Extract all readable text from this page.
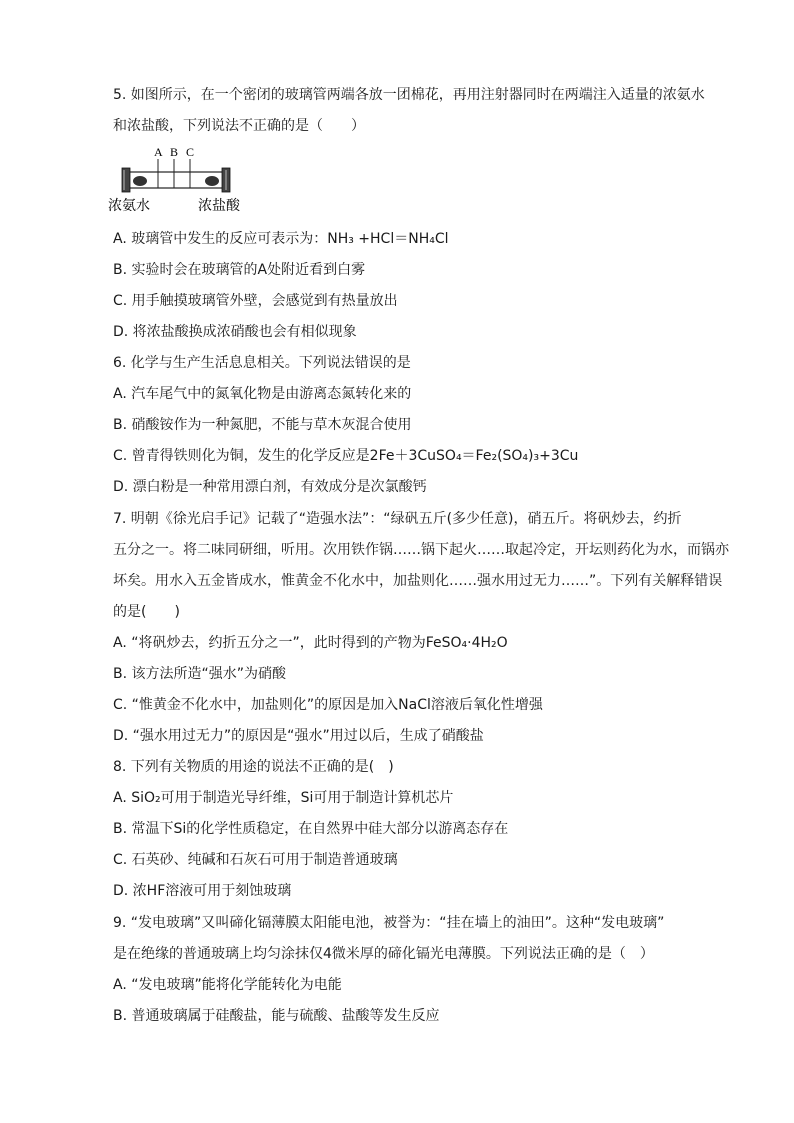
5. 如图所示，在一个密闭的玻璃管两端各放一团棉花，再用注射器同时在两端注入适量的浓氨水
和浓盐酸，下列说法不正确的是（　　）
A B C
浓氨水	浓盐酸
A. 玻璃管中发生的反应可表示为：NH₃ +HCl＝NH₄Cl
B. 实验时会在玻璃管的A处附近看到白雾
C. 用手触摸玻璃管外壁，会感觉到有热量放出
D. 将浓盐酸换成浓硝酸也会有相似现象
6. 化学与生产生活息息相关。下列说法错误的是
A. 汽车尾气中的氮氧化物是由游离态氮转化来的
B. 硝酸铵作为一种氮肥，不能与草木灰混合使用
C. 曾青得铁则化为铜，发生的化学反应是2Fe＋3CuSO₄＝Fe₂(SO₄)₃+3Cu
D. 漂白粉是一种常用漂白剂，有效成分是次氯酸钙
7. 明朝《徐光启手记》记载了“造强水法”：“绿矾五斤(多少任意)，硝五斤。将矾炒去，约折
五分之一。将二味同研细，听用。次用铁作锅……锅下起火……取起冷定，开坛则药化为水，而锅亦
坏矣。用水入五金皆成水，惟黄金不化水中，加盐则化……强水用过无力……”。下列有关解释错误
的是(　　)
A. “将矾炒去，约折五分之一”，此时得到的产物为FeSO₄·4H₂O
B. 该方法所造“强水”为硝酸
C. “惟黄金不化水中，加盐则化”的原因是加入NaCl溶液后氧化性增强
D. “强水用过无力”的原因是“强水”用过以后，生成了硝酸盐
8. 下列有关物质的用途的说法不正确的是(　)
A. SiO₂可用于制造光导纤维，Si可用于制造计算机芯片
B. 常温下Si的化学性质稳定，在自然界中硅大部分以游离态存在
C. 石英砂、纯碱和石灰石可用于制造普通玻璃
D. 浓HF溶液可用于刻蚀玻璃
9. “发电玻璃”又叫碲化镉薄膜太阳能电池，被誉为：“挂在墙上的油田”。这种“发电玻璃”
是在绝缘的普通玻璃上均匀涂抹仅4微米厚的碲化镉光电薄膜。下列说法正确的是（　）
A. “发电玻璃”能将化学能转化为电能
B. 普通玻璃属于硅酸盐，能与硫酸、盐酸等发生反应
